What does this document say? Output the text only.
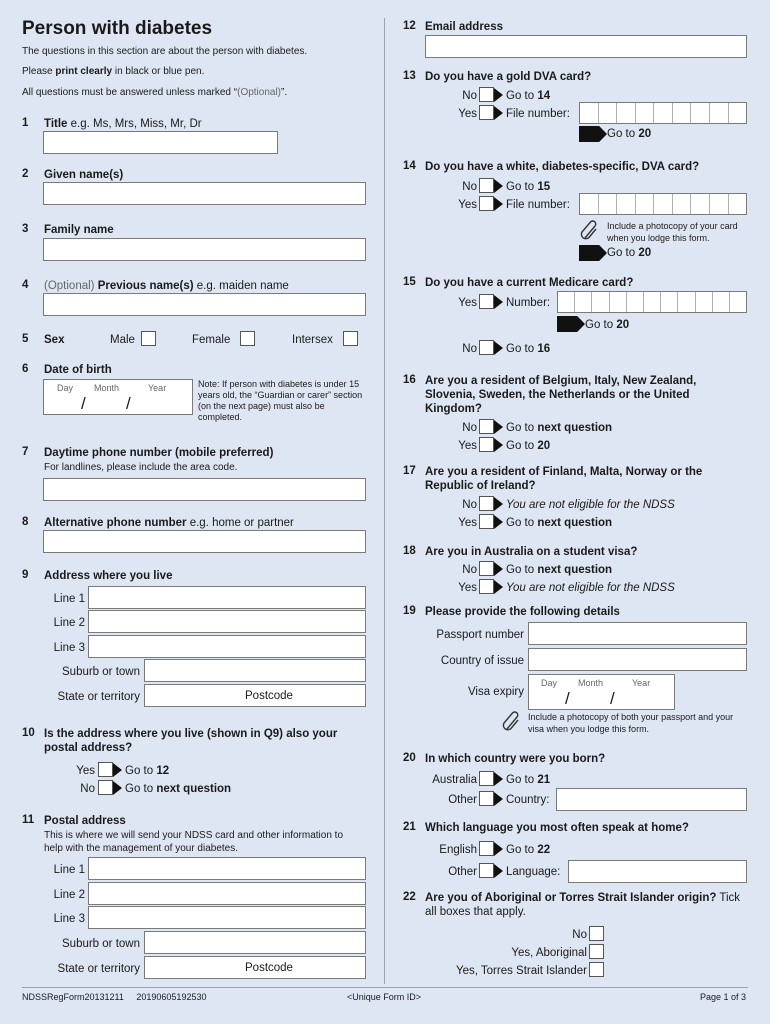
Person with diabetes
The questions in this section are about the person with diabetes.
Please print clearly in black or blue pen.
All questions must be answered unless marked “(Optional)”.
1 Title e.g. Ms, Mrs, Miss, Mr, Dr
2 Given name(s)
3 Family name
4 (Optional) Previous name(s) e.g. maiden name
5 Sex	Male	Female	Intersex
6 Date of birth
Day Month	Year
/ /
Note: If person with diabetes is under 15 years old, the “Guardian or carer” section (on the next page) must also be completed.
7 Daytime phone number (mobile preferred)
For landlines, please include the area code.
8 Alternative phone number e.g. home or partner
9 Address where you live
Line 1
Line 2
Line 3
Suburb or town
State or territory	Postcode
10 Is the address where you live (shown in Q9) also your postal address?
Yes	Go to 12
No	Go to next question
11 Postal address
This is where we will send your NDSS card and other information to help with the management of your diabetes.
Line 1
Line 2
Line 3
Suburb or town
State or territory	Postcode
12 Email address
13 Do you have a gold DVA card?
No	Go to 14
Yes	File number:
Go to 20
14 Do you have a white, diabetes-specific, DVA card?
No	Go to 15
Yes	File number:
Include a photocopy of your card when you lodge this form.
Go to 20
15 Do you have a current Medicare card?
Yes	Number:
Go to 20
No	Go to 16
16 Are you a resident of Belgium, Italy, New Zealand, Slovenia, Sweden, the Netherlands or the United Kingdom?
No	Go to next question
Yes	Go to 20
17 Are you a resident of Finland, Malta, Norway or the Republic of Ireland?
No	You are not eligible for the NDSS
Yes	Go to next question
18 Are you in Australia on a student visa?
No	Go to next question
Yes	You are not eligible for the NDSS
19 Please provide the following details
Passport number
Country of issue
Visa expiry
Day Month	Year
/ /
Include a photocopy of both your passport and your visa when you lodge this form.
20 In which country were you born?
Australia	Go to 21
Other	Country:
21 Which language you most often speak at home?
English	Go to 22
Other	Language:
22 Are you of Aboriginal or Torres Strait Islander origin? Tick all boxes that apply.
No
Yes, Aboriginal
Yes, Torres Strait Islander
NDSSRegForm20131211     20190605192530	<Unique Form ID>	Page 1 of 3
